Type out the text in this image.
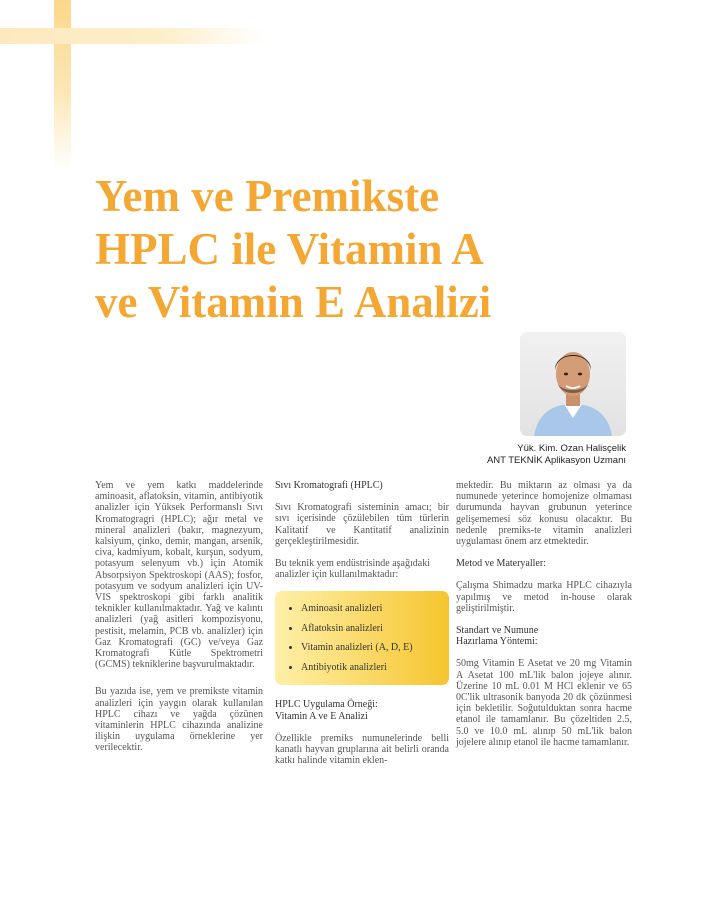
Yem ve Premikste
HPLC ile Vitamin A
ve Vitamin E Analizi
Yük. Kim. Ozan Halisçelik
ANT TEKNİK Aplikasyon Uzmanı

Yem ve yem katkı maddelerinde aminoasit, aflatoksin, vitamin, antibiyotik analizler için Yüksek Performanslı Sıvı Kromatogragri (HPLC); ağır metal ve mineral analizleri (bakır, magnezyum, kalsiyum, çinko, demir, mangan, arsenik, civa, kadmiyum, kobalt, kurşun, sodyum, potasyum selenyum vb.) için Atomik Absorpsiyon Spektroskopi (AAS); fosfor, potasyum ve sodyum analizleri için UV-VIS spektroskopi gibi farklı analitik teknikler kullanılmaktadır. Yağ ve kalıntı analizleri (yağ asitleri kompozisyonu, pestisit, melamin, PCB vb. analizler) için Gaz Kromatografi (GC) ve/veya Gaz Kromatografi Kütle Spektrometri (GCMS) tekniklerine başvurulmaktadır.

Bu yazıda ise, yem ve premikste vitamin analizleri için yaygın olarak kullanılan HPLC cihazı ve yağda çözünen vitaminlerin HPLC cihazında analizine ilişkin uygulama örneklerine yer verilecektir.

Sıvı Kromatografi (HPLC)

Sıvı Kromatografi sisteminin amacı; bir sıvı içerisinde çözülebilen tüm türlerin Kalitatif ve Kantitatif analizinin gerçekleştirilmesidir.

Bu teknik yem endüstrisinde aşağıdaki analizler için kullanılmaktadır:

• Aminoasit analizleri
• Aflatoksin analizleri
• Vitamin analizleri (A, D, E)
• Antibiyotik analizleri
HPLC Uygulama Örneği:
Vitamin A ve E Analizi

Özellikle premiks numunelerinde belli kanatlı hayvan gruplarına ait belirli oranda katkı halinde vitamin eklen-

mektedir. Bu miktarın az olması ya da numunede yeterince homojenize olmaması durumunda hayvan grubunun yeterince gelişememesi söz konusu olacaktır. Bu nedenle premiks-te vitamin analizleri uygulaması önem arz etmektedir.

Metod ve Materyaller:

Çalışma Shimadzu marka HPLC cihazıyla yapılmış ve metod in-house olarak geliştirilmiştir.

Standart ve Numune
Hazırlama Yöntemi:

50mg Vitamin E Asetat ve 20 mg Vitamin A Asetat 100 mL'lik balon jojeye alınır. Üzerine 10 mL 0.01 M HCl eklenir ve 65 0C'lik ultrasonik banyoda 20 dk çözünmesi için bekletilir. Soğutulduktan sonra hacme etanol ile tamamlanır. Bu çözeltiden 2.5, 5.0 ve 10.0 mL alınıp 50 mL'lik balon jojelere alınıp etanol ile hacme tamamlanır.
